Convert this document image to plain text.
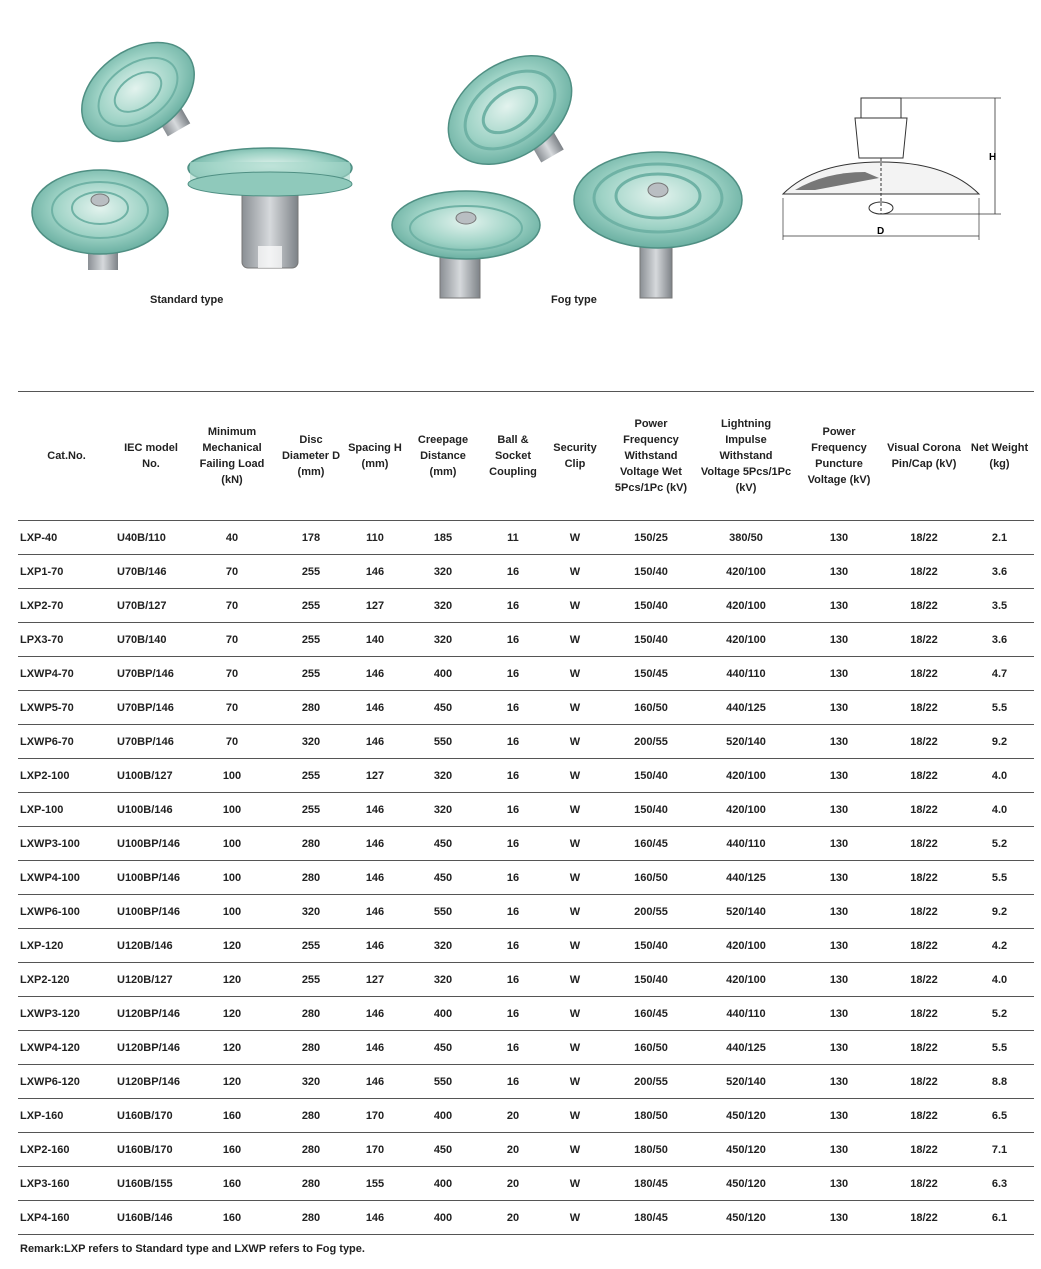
Standard type	Fog type
H
D
Cat.No.	IEC model No.	Minimum Mechanical Failing Load (kN)	Disc Diameter D (mm)	Spacing H (mm)	Creepage Distance (mm)	Ball & Socket Coupling	Security Clip	Power Frequency Withstand Voltage Wet 5Pcs/1Pc (kV)	Lightning Impulse Withstand Voltage 5Pcs/1Pc (kV)	Power Frequency Puncture Voltage (kV)	Visual Corona Pin/Cap (kV)	Net Weight (kg)
LXP-40	U40B/110	40	178	110	185	11	W	150/25	380/50	130	18/22	2.1
LXP1-70	U70B/146	70	255	146	320	16	W	150/40	420/100	130	18/22	3.6
LXP2-70	U70B/127	70	255	127	320	16	W	150/40	420/100	130	18/22	3.5
LPX3-70	U70B/140	70	255	140	320	16	W	150/40	420/100	130	18/22	3.6
LXWP4-70	U70BP/146	70	255	146	400	16	W	150/45	440/110	130	18/22	4.7
LXWP5-70	U70BP/146	70	280	146	450	16	W	160/50	440/125	130	18/22	5.5
LXWP6-70	U70BP/146	70	320	146	550	16	W	200/55	520/140	130	18/22	9.2
LXP2-100	U100B/127	100	255	127	320	16	W	150/40	420/100	130	18/22	4.0
LXP-100	U100B/146	100	255	146	320	16	W	150/40	420/100	130	18/22	4.0
LXWP3-100	U100BP/146	100	280	146	450	16	W	160/45	440/110	130	18/22	5.2
LXWP4-100	U100BP/146	100	280	146	450	16	W	160/50	440/125	130	18/22	5.5
LXWP6-100	U100BP/146	100	320	146	550	16	W	200/55	520/140	130	18/22	9.2
LXP-120	U120B/146	120	255	146	320	16	W	150/40	420/100	130	18/22	4.2
LXP2-120	U120B/127	120	255	127	320	16	W	150/40	420/100	130	18/22	4.0
LXWP3-120	U120BP/146	120	280	146	400	16	W	160/45	440/110	130	18/22	5.2
LXWP4-120	U120BP/146	120	280	146	450	16	W	160/50	440/125	130	18/22	5.5
LXWP6-120	U120BP/146	120	320	146	550	16	W	200/55	520/140	130	18/22	8.8
LXP-160	U160B/170	160	280	170	400	20	W	180/50	450/120	130	18/22	6.5
LXP2-160	U160B/170	160	280	170	450	20	W	180/50	450/120	130	18/22	7.1
LXP3-160	U160B/155	160	280	155	400	20	W	180/45	450/120	130	18/22	6.3
LXP4-160	U160B/146	160	280	146	400	20	W	180/45	450/120	130	18/22	6.1
Remark:LXP refers to Standard type and LXWP refers to Fog type.
